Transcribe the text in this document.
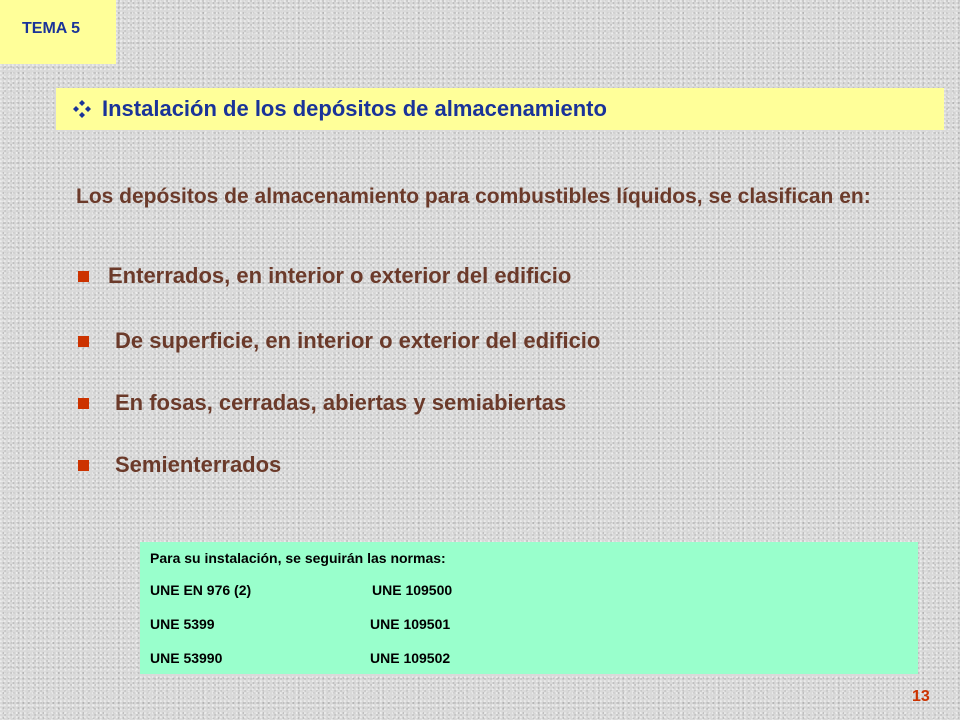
TEMA 5
Instalación de los depósitos de almacenamiento
Los depósitos de almacenamiento para combustibles líquidos, se clasifican en:
Enterrados, en interior o exterior del edificio
De superficie, en interior o exterior del edificio
En fosas, cerradas, abiertas y semiabiertas
Semienterrados
Para su instalación, se seguirán las normas:
UNE EN 976 (2)	UNE 109500
UNE 5399	UNE 109501
UNE 53990	UNE 109502
13
